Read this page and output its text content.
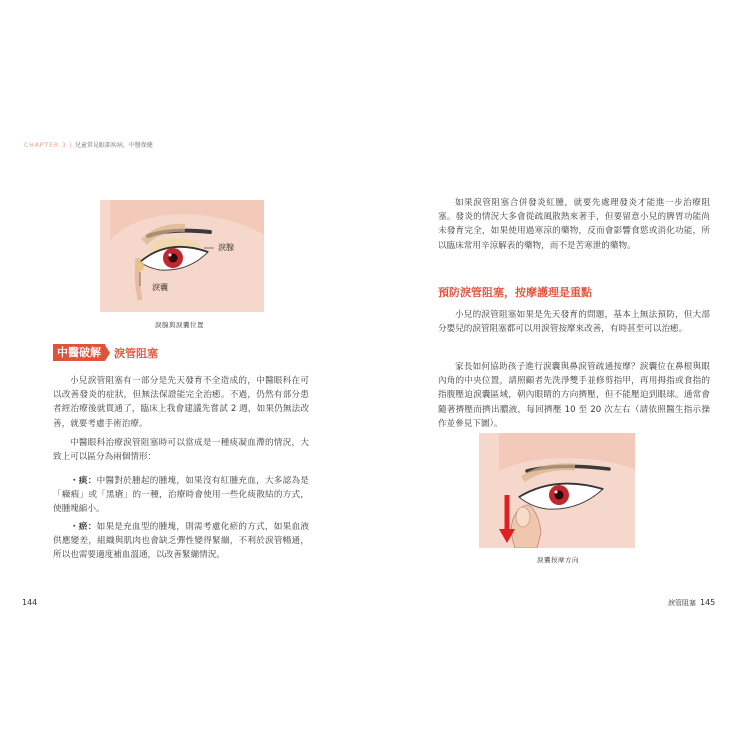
CHAPTER 3 | 兒童常見眼部疾病，中醫保健
淚腺
淚囊
淚腺與淚囊位置
中醫破解	淚管阻塞
小兒淚管阻塞有一部分是先天發育不全造成的，中醫眼科在可以改善發炎的症狀，但無法保證能完全治癒。不過，仍然有部分患者經治療後就貫通了，臨床上我會建議先嘗試 2 週，如果仍無法改善，就要考慮手術治療。
中醫眼科治療淚管阻塞時可以當成是一種痰凝血滯的情況，大致上可以區分為兩個情形：
・痰：中醫對於腫起的腫塊，如果沒有紅腫充血，大多認為是「癥瘕」或「黑瘡」的一種，治療時會使用一些化痰散結的方式，使腫塊縮小。
・瘀：如果是充血型的腫塊，則需考慮化瘀的方式，如果血液供應變差，組織與肌肉也會缺乏彈性變得緊繃，不利於淚管暢通，所以也需要適度補血溫通，以改善緊繃情況。
144
如果淚管阻塞合併發炎紅腫，就要先處理發炎才能進一步治療阻塞。發炎的情況大多會從疏風散熱來著手，但要留意小兒的脾胃功能尚未發育完全，如果使用過寒涼的藥物，反而會影響食慾或消化功能，所以臨床常用辛涼解表的藥物，而不是苦寒泄的藥物。
預防淚管阻塞，按摩護理是重點
小兒的淚管阻塞如果是先天發育的問題，基本上無法預防，但大部分嬰兒的淚管阻塞都可以用淚管按摩來改善，有時甚至可以治癒。
家長如何協助孩子進行淚囊與鼻淚管疏通按摩？淚囊位在鼻根與眼內角的中央位置，請照顧者先洗淨雙手並修剪指甲，再用拇指或食指的指腹壓迫淚囊區域，朝內眼睛的方向擠壓，但不能壓迫到眼球。通常會隨著擠壓而擠出膿液，每回擠壓 10 至 20 次左右（請依照醫生指示操作並參見下圖）。
淚囊按摩方向
淚管阻塞 145
